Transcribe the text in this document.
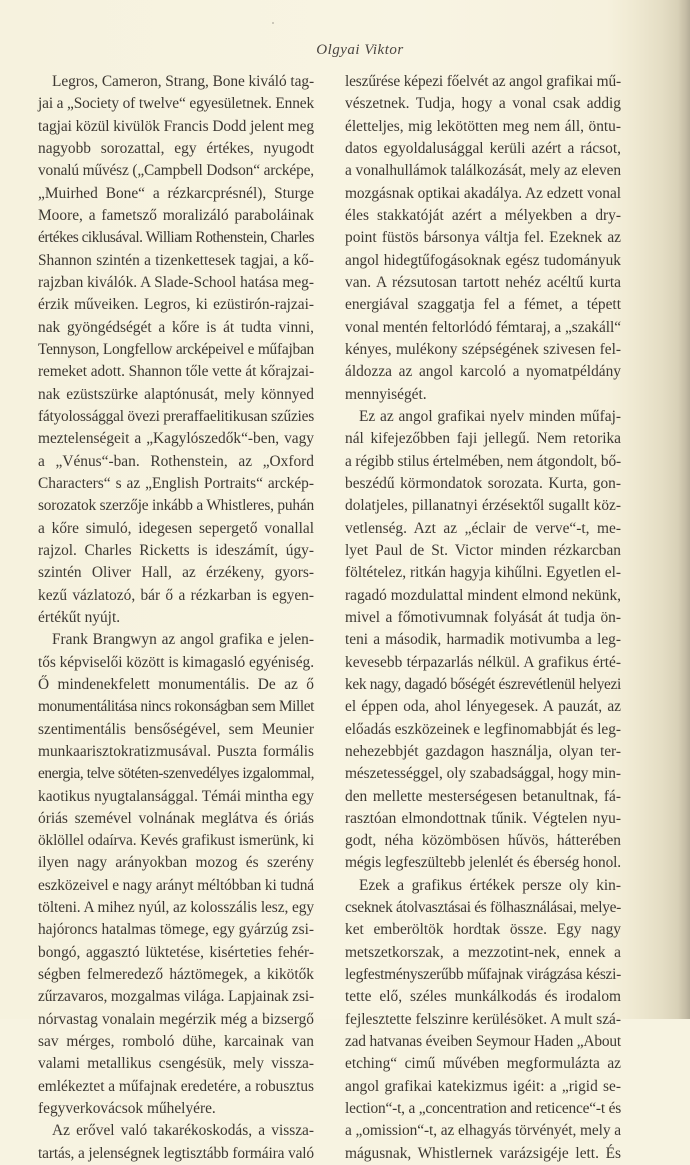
Olgyai Viktor
Legros, Cameron, Strang, Bone kiváló tag-
jai a „Society of twelve“ egyesületnek. Ennek
tagjai közül kivülök Francis Dodd jelent meg
nagyobb sorozattal, egy értékes, nyugodt
vonalú művész („Campbell Dodson“ arcképe,
„Muirhed Bone“ a rézkarcprésnél), Sturge
Moore, a fametsző moralizáló paraboláinak
értékes ciklusával. William Rothenstein, Charles
Shannon szintén a tizenkettesek tagjai, a kő-
rajzban kiválók. A Slade-School hatása meg-
érzik műveiken. Legros, ki ezüstirón-rajzai-
nak gyöngédségét a kőre is át tudta vinni,
Tennyson, Longfellow arcképeivel e műfajban
remeket adott. Shannon tőle vette át kőrajzai-
nak ezüstszürke alaptónusát, mely könnyed
fátyolossággal övezi preraffaelitikusan szűzies
meztelenségeit a „Kagylószedők“-ben, vagy
a „Vénus“-ban. Rothenstein, az „Oxford
Characters“ s az „English Portraits“ arckép-
sorozatok szerzője inkább a Whistleres, puhán
a kőre simuló, idegesen sepergető vonallal
rajzol. Charles Ricketts is ideszámít, úgy-
szintén Oliver Hall, az érzékeny, gyors-
kezű vázlatozó, bár ő a rézkarban is egyen-
értékűt nyújt.
Frank Brangwyn az angol grafika e jelen-
tős képviselői között is kimagasló egyéniség.
Ő mindenekfelett monumentális. De az ő
monumentálitása nincs rokonságban sem Millet
szentimentális bensőségével, sem Meunier
munkaarisztokratizmusával. Puszta formális
energia, telve sötéten-szenvedélyes izgalommal,
kaotikus nyugtalansággal. Témái mintha egy
óriás szemével volnának meglátva és óriás
öklöllel odaírva. Kevés grafikust ismerünk, ki
ilyen nagy arányokban mozog és szerény
eszközeivel e nagy arányt méltóbban ki tudná
tölteni. A mihez nyúl, az kolosszális lesz, egy
hajóroncs hatalmas tömege, egy gyárzúg zsi-
bongó, aggasztó lüktetése, kisérteties fehér-
ségben felmeredező háztömegek, a kikötők
zűrzavaros, mozgalmas világa. Lapjainak zsi-
nórvastag vonalain megérzik még a bizsergő
sav mérges, romboló dühe, karcainak van
valami metallikus csengésük, mely vissza-
emlékeztet a műfajnak eredetére, a robusztus
fegyverkovácsok műhelyére.
Az erővel való takarékoskodás, a vissza-
tartás, a jelenségnek legtisztább formáira való
leszűrése képezi főelvét az angol grafikai mű-
vészetnek. Tudja, hogy a vonal csak addig
életteljes, mig lekötötten meg nem áll, öntu-
datos egyoldalusággal kerüli azért a rácsot,
a vonalhullámok találkozását, mely az eleven
mozgásnak optikai akadálya. Az edzett vonal
éles stakkatóját azért a mélyekben a dry-
point füstös bársonya váltja fel. Ezeknek az
angol hidegtűfogásoknak egész tudományuk
van. A rézsutosan tartott nehéz acéltű kurta
energiával szaggatja fel a fémet, a tépett
vonal mentén feltorlódó fémtaraj, a „szakáll“
kényes, mulékony szépségének szivesen fel-
áldozza az angol karcoló a nyomatpéldány
mennyiségét.
Ez az angol grafikai nyelv minden műfaj-
nál kifejezőbben faji jellegű. Nem retorika
a régibb stilus értelmében, nem átgondolt, bő-
beszédű körmondatok sorozata. Kurta, gon-
dolatjeles, pillanatnyi érzésektől sugallt köz-
vetlenség. Azt az „éclair de verve“-t, me-
lyet Paul de St. Victor minden rézkarcban
föltételez, ritkán hagyja kihűlni. Egyetlen el-
ragadó mozdulattal mindent elmond nekünk,
mivel a főmotivumnak folyását át tudja ön-
teni a második, harmadik motivumba a leg-
kevesebb térpazarlás nélkül. A grafikus érté-
kek nagy, dagadó bőségét észrevétlenül helyezi
el éppen oda, ahol lényegesek. A pauzát, az
előadás eszközeinek e legfinomabbját és leg-
nehezebbjét gazdagon használja, olyan ter-
mészetességgel, oly szabadsággal, hogy min-
den mellette mesterségesen betanultnak, fá-
rasztóan elmondottnak tűnik. Végtelen nyu-
godt, néha közömbösen hűvös, hátterében
mégis legfeszültebb jelenlét és éberség honol.
Ezek a grafikus értékek persze oly kin-
cseknek átolvasztásai és fölhasználásai, melye-
ket emberöltök hordtak össze. Egy nagy
metszetkorszak, a mezzotint-nek, ennek a
legfestményszerűbb műfajnak virágzása készi-
tette elő, széles munkálkodás és irodalom
fejlesztette felszinre kerülésöket. A mult szá-
zad hatvanas éveiben Seymour Haden „About
etching“ cimű művében megformulázta az
angol grafikai katekizmus igéit: a „rigid se-
lection“-t, a „concentration and reticence“-t és
a „omission“-t, az elhagyás törvényét, mely a
mágusnak, Whistlernek varázsigéje lett. És
